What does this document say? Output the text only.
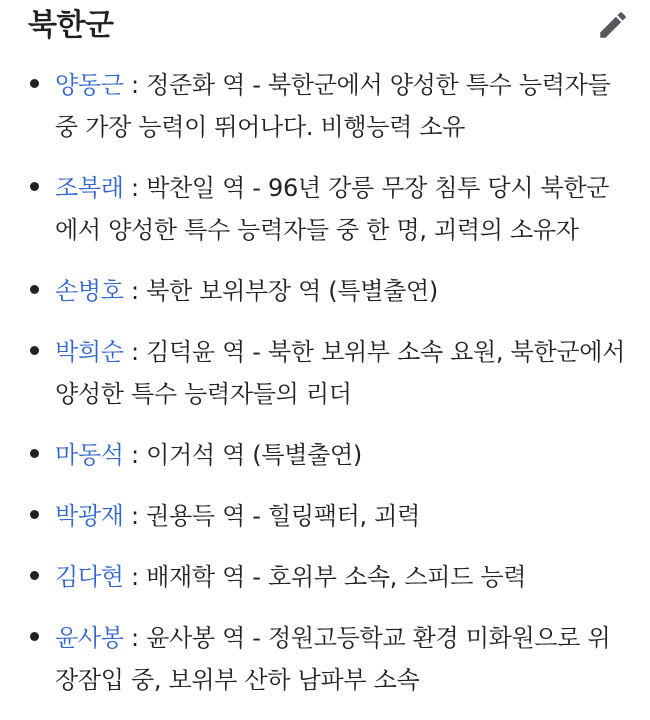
북한군
양동근 : 정준화 역 - 북한군에서 양성한 특수 능력자들 중 가장 능력이 뛰어나다. 비행능력 소유
조복래 : 박찬일 역 - 96년 강릉 무장 침투 당시 북한군에서 양성한 특수 능력자들 중 한 명, 괴력의 소유자
손병호 : 북한 보위부장 역 (특별출연)
박희순 : 김덕윤 역 - 북한 보위부 소속 요원, 북한군에서 양성한 특수 능력자들의 리더
마동석 : 이거석 역 (특별출연)
박광재 : 권용득 역 - 힐링팩터, 괴력
김다현 : 배재학 역 - 호위부 소속, 스피드 능력
윤사봉 : 윤사봉 역 - 정원고등학교 환경 미화원으로 위장잠입 중, 보위부 산하 남파부 소속
